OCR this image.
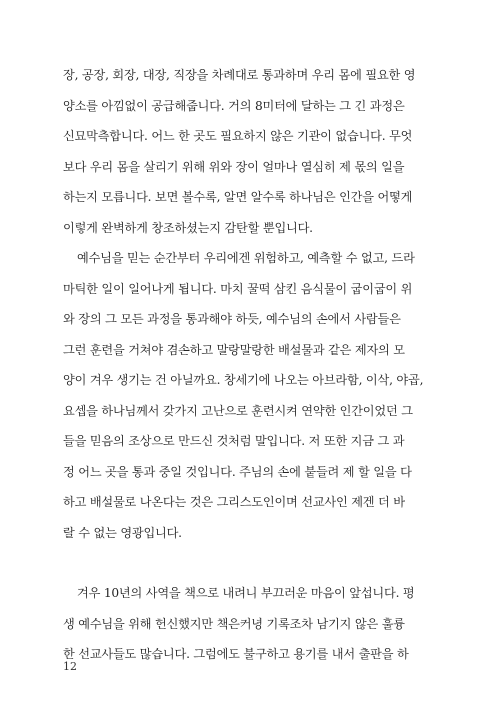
장, 공장, 회장, 대장, 직장을 차례대로 통과하며 우리 몸에 필요한 영
양소를 아낌없이 공급해줍니다. 거의 8미터에 달하는 그 긴 과정은
신묘막측합니다. 어느 한 곳도 필요하지 않은 기관이 없습니다. 무엇
보다 우리 몸을 살리기 위해 위와 장이 얼마나 열심히 제 몫의 일을
하는지 모릅니다. 보면 볼수록, 알면 알수록 하나님은 인간을 어떻게
이렇게 완벽하게 창조하셨는지 감탄할 뿐입니다.

예수님을 믿는 순간부터 우리에겐 위험하고, 예측할 수 없고, 드라
마틱한 일이 일어나게 됩니다. 마치 꿀떡 삼킨 음식물이 굽이굽이 위
와 장의 그 모든 과정을 통과해야 하듯, 예수님의 손에서 사람들은
그런 훈련을 거쳐야 겸손하고 말랑말랑한 배설물과 같은 제자의 모
양이 겨우 생기는 건 아닐까요. 창세기에 나오는 아브라함, 이삭, 야곱,
요셉을 하나님께서 갖가지 고난으로 훈련시켜 연약한 인간이었던 그
들을 믿음의 조상으로 만드신 것처럼 말입니다. 저 또한 지금 그 과
정 어느 곳을 통과 중일 것입니다. 주님의 손에 붙들려 제 할 일을 다
하고 배설물로 나온다는 것은 그리스도인이며 선교사인 제겐 더 바
랄 수 없는 영광입니다.

겨우 10년의 사역을 책으로 내려니 부끄러운 마음이 앞섭니다. 평
생 예수님을 위해 헌신했지만 책은커녕 기록조차 남기지 않은 훌륭
한 선교사들도 많습니다. 그럼에도 불구하고 용기를 내서 출판을 하

12
